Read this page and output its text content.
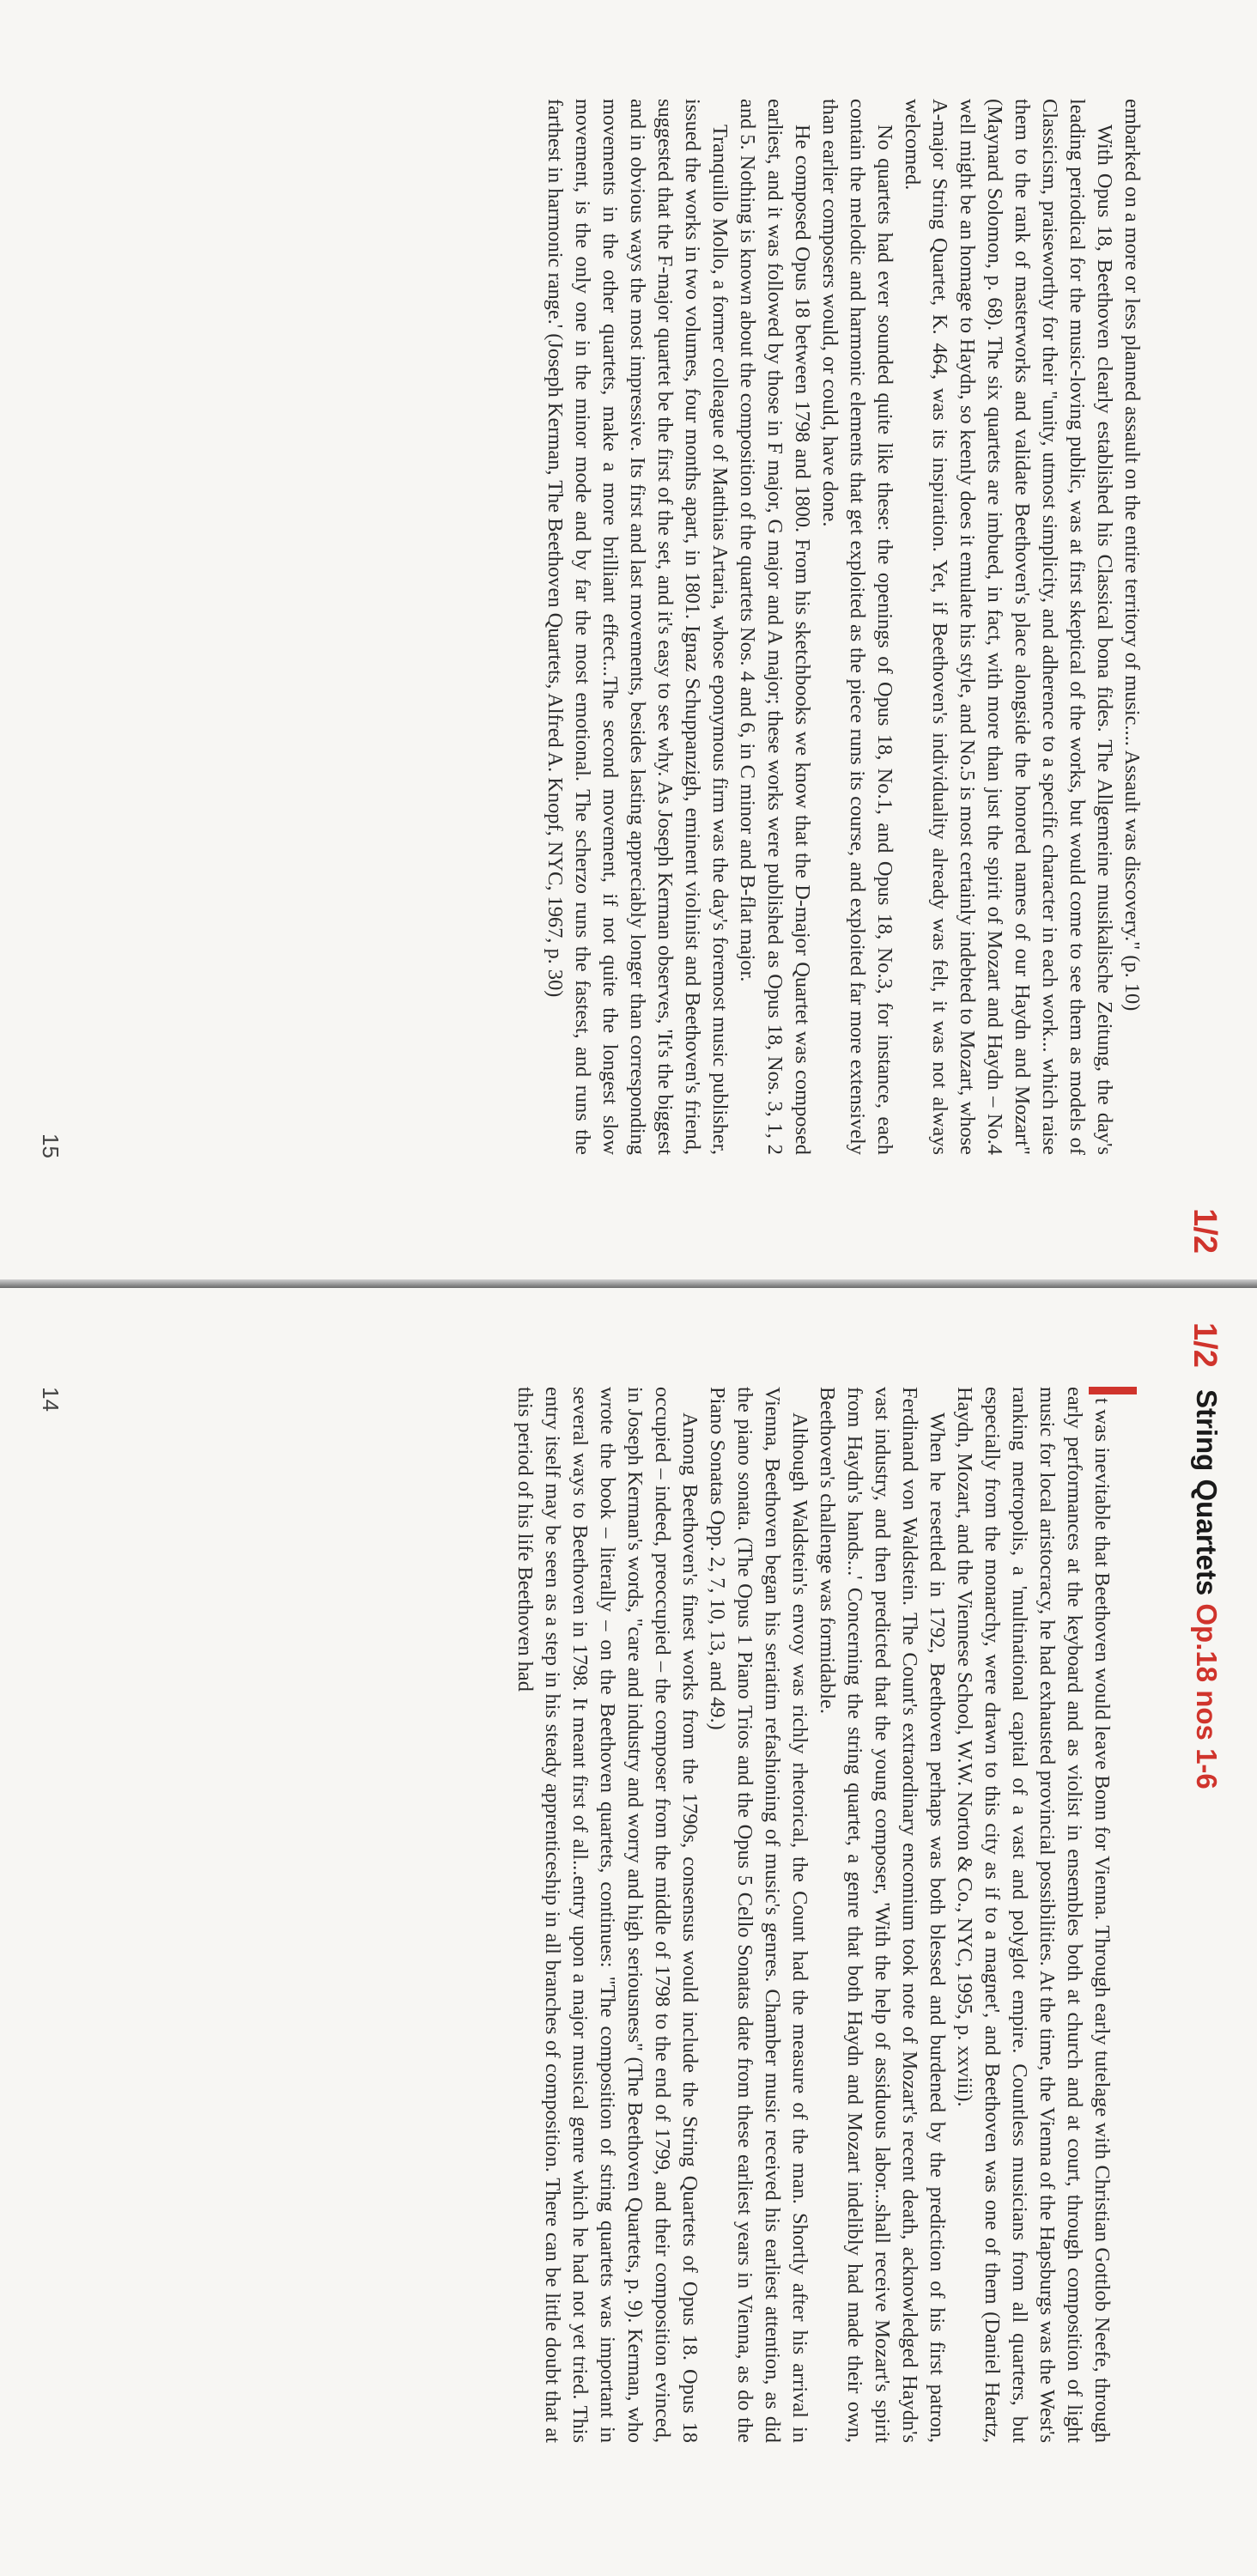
1/2

embarked on a more or less planned assault on the entire territory of music.... Assault was discovery." (p. 10)

With Opus 18, Beethoven clearly established his Classical bona fides. The Allgemeine musikalische Zeitung, the day's leading periodical for the music-loving public, was at first skeptical of the works, but would come to see them as models of Classicism, praiseworthy for their "unity, utmost simplicity, and adherence to a specific character in each work... which raise them to the rank of masterworks and validate Beethoven's place alongside the honored names of our Haydn and Mozart" (Maynard Solomon, p. 68). The six quartets are imbued, in fact, with more than just the spirit of Mozart and Haydn – No.4 well might be an homage to Haydn, so keenly does it emulate his style, and No.5 is most certainly indebted to Mozart, whose A-major String Quartet, K. 464, was its inspiration. Yet, if Beethoven's individuality already was felt, it was not always welcomed.

No quartets had ever sounded quite like these: the openings of Opus 18, No.1, and Opus 18, No.3, for instance, each contain the melodic and harmonic elements that get exploited as the piece runs its course, and exploited far more extensively than earlier composers would, or could, have done.

He composed Opus 18 between 1798 and 1800. From his sketchbooks we know that the D-major Quartet was composed earliest, and it was followed by those in F major, G major and A major; these works were published as Opus 18, Nos. 3, 1, 2 and 5. Nothing is known about the composition of the quartets Nos. 4 and 6, in C minor and B-flat major.

Tranquillo Mollo, a former colleague of Matthias Artaria, whose eponymous firm was the day's foremost music publisher, issued the works in two volumes, four months apart, in 1801. Ignaz Schuppanzigh, eminent violinist and Beethoven's friend, suggested that the F-major quartet be the first of the set, and it's easy to see why. As Joseph Kerman observes, 'It's the biggest and in obvious ways the most impressive. Its first and last movements, besides lasting appreciably longer than corresponding movements in the other quartets, make a more brilliant effect...The second movement, if not quite the longest slow movement, is the only one in the minor mode and by far the most emotional. The scherzo runs the fastest, and runs the farthest in harmonic range.' (Joseph Kerman, The Beethoven Quartets, Alfred A. Knopf, NYC, 1967, p. 30)

15
1/2
String Quartets Op.18 nos 1-6

t was inevitable that Beethoven would leave Bonn for Vienna. Through early tutelage with Christian Gottlob Neefe, through early performances at the keyboard and as violist in ensembles both at church and at court, through composition of light music for local aristocracy, he had exhausted provincial possibilities. At the time, the Vienna of the Hapsburgs was the West's ranking metropolis, a 'multinational capital of a vast and polyglot empire. Countless musicians from all quarters, but especially from the monarchy, were drawn to this city as if to a magnet', and Beethoven was one of them (Daniel Heartz, Haydn, Mozart, and the Viennese School, W.W. Norton & Co., NYC, 1995, p. xxviii).

When he resettled in 1792, Beethoven perhaps was both blessed and burdened by the prediction of his first patron, Ferdinand von Waldstein. The Count's extraordinary encomium took note of Mozart's recent death, acknowledged Haydn's vast industry, and then predicted that the young composer, 'With the help of assiduous labor...shall receive Mozart's spirit from Haydn's hands...' Concerning the string quartet, a genre that both Haydn and Mozart indelibly had made their own, Beethoven's challenge was formidable.

Although Waldstein's envoy was richly rhetorical, the Count had the measure of the man. Shortly after his arrival in Vienna, Beethoven began his seriatim refashioning of music's genres. Chamber music received his earliest attention, as did the piano sonata. (The Opus 1 Piano Trios and the Opus 5 Cello Sonatas date from these earliest years in Vienna, as do the Piano Sonatas Opp. 2, 7, 10, 13, and 49.)

Among Beethoven's finest works from the 1790s, consensus would include the String Quartets of Opus 18. Opus 18 occupied – indeed, preoccupied – the composer from the middle of 1798 to the end of 1799, and their composition evinced, in Joseph Kerman's words, "care and industry and worry and high seriousness" (The Beethoven Quartets, p. 9). Kerman, who wrote the book – literally – on the Beethoven quartets, continues: "The composition of string quartets was important in several ways to Beethoven in 1798. It meant first of all...entry upon a major musical genre which he had not yet tried. This entry itself may be seen as a step in his steady apprenticeship in all branches of composition. There can be little doubt that at this period of his life Beethoven had

14
